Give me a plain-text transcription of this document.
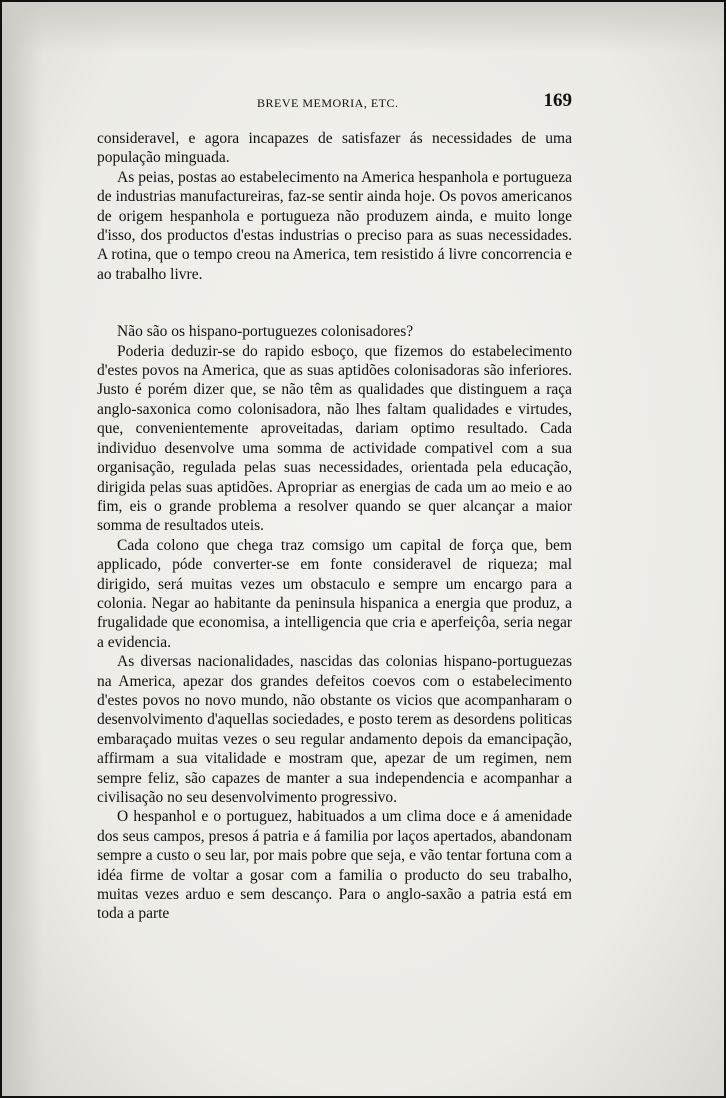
BREVE MEMORIA, ETC.	169

consideravel, e agora incapazes de satisfazer ás necessidades de uma população minguada.

As peias, postas ao estabelecimento na America hespanhola e portugueza de industrias manufactureiras, faz-se sentir ainda hoje. Os povos americanos de origem hespanhola e portugueza não produzem ainda, e muito longe d'isso, dos productos d'estas industrias o preciso para as suas necessidades. A rotina, que o tempo creou na America, tem resistido á livre concorrencia e ao trabalho livre.

Não são os hispano-portuguezes colonisadores?

Poderia deduzir-se do rapido esboço, que fizemos do estabelecimento d'estes povos na America, que as suas aptidões colonisadoras são inferiores. Justo é porém dizer que, se não têm as qualidades que distinguem a raça anglo-saxonica como colonisadora, não lhes faltam qualidades e virtudes, que, convenientemente aproveitadas, dariam optimo resultado. Cada individuo desenvolve uma somma de actividade compativel com a sua organisação, regulada pelas suas necessidades, orientada pela educação, dirigida pelas suas aptidões. Apropriar as energias de cada um ao meio e ao fim, eis o grande problema a resolver quando se quer alcançar a maior somma de resultados uteis.

Cada colono que chega traz comsigo um capital de força que, bem applicado, póde converter-se em fonte consideravel de riqueza; mal dirigido, será muitas vezes um obstaculo e sempre um encargo para a colonia. Negar ao habitante da peninsula hispanica a energia que produz, a frugalidade que economisa, a intelligencia que cria e aperfeiçôa, seria negar a evidencia.

As diversas nacionalidades, nascidas das colonias hispano-portuguezas na America, apezar dos grandes defeitos coevos com o estabelecimento d'estes povos no novo mundo, não obstante os vicios que acompanharam o desenvolvimento d'aquellas sociedades, e posto terem as desordens politicas embaraçado muitas vezes o seu regular andamento depois da emancipação, affirmam a sua vitalidade e mostram que, apezar de um regimen, nem sempre feliz, são capazes de manter a sua independencia e acompanhar a civilisação no seu desenvolvimento progressivo.

O hespanhol e o portuguez, habituados a um clima doce e á amenidade dos seus campos, presos á patria e á familia por laços apertados, abandonam sempre a custo o seu lar, por mais pobre que seja, e vão tentar fortuna com a idéa firme de voltar a gosar com a familia o producto do seu trabalho, muitas vezes arduo e sem descanço. Para o anglo-saxão a patria está em toda a parte
